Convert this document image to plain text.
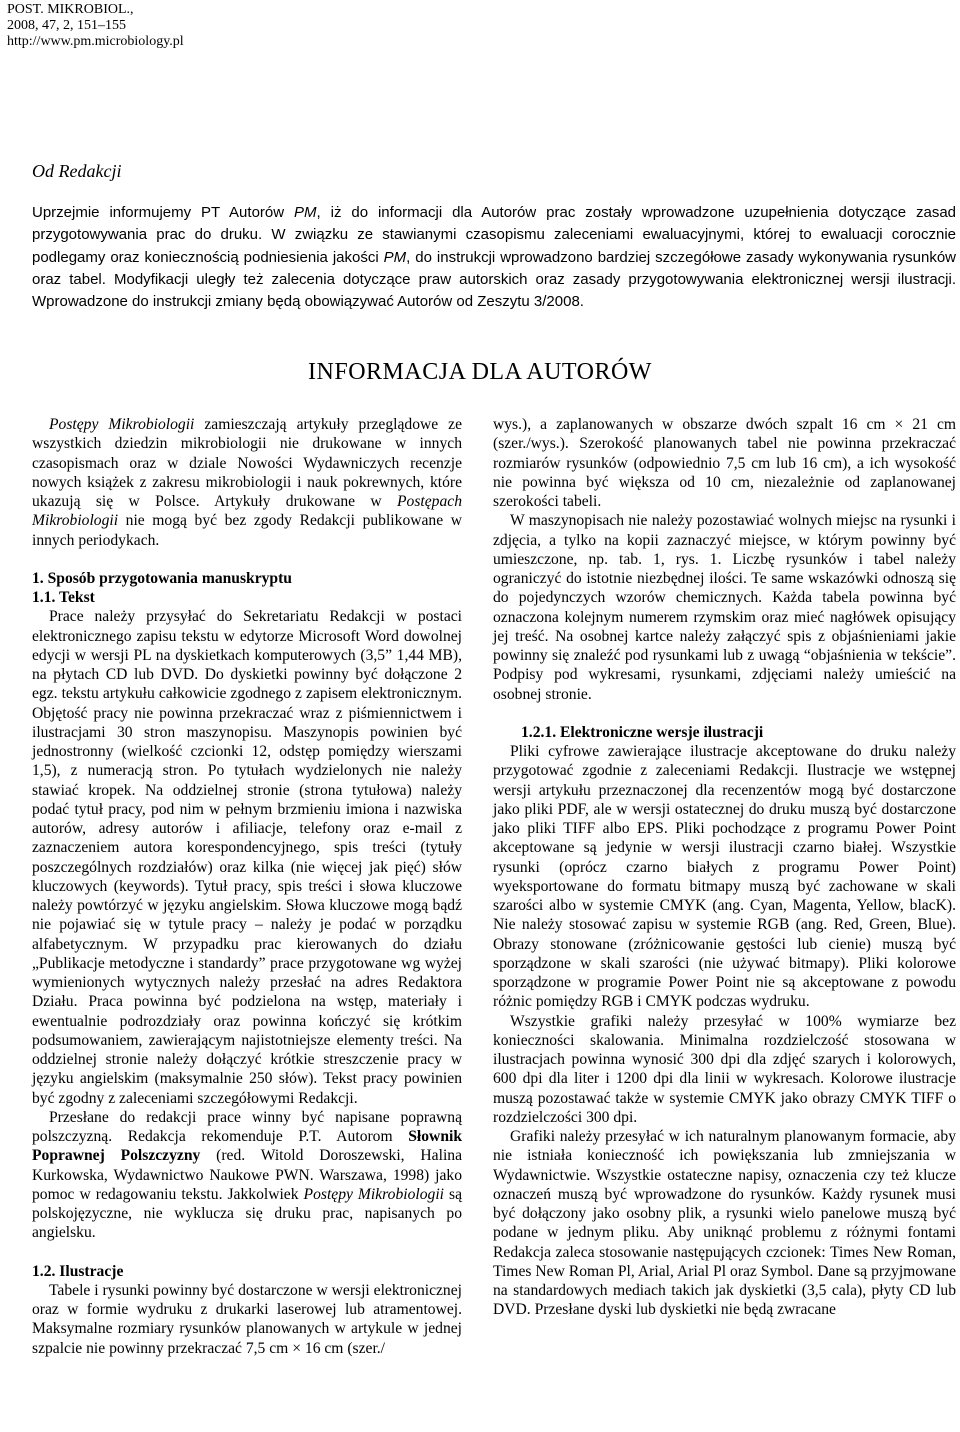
POST. MIKROBIOL.,
2008, 47, 2, 151–155
http://www.pm.microbiology.pl
Od Redakcji

Uprzejmie informujemy PT Autorów PM, iż do informacji dla Autorów prac zostały wprowadzone uzupełnienia dotyczące zasad przygotowywania prac do druku. W związku ze stawianymi czasopismu zaleceniami ewaluacyjnymi, której to ewaluacji corocznie podlegamy oraz koniecznością podniesienia jakości PM, do instrukcji wprowadzono bardziej szczegółowe zasady wykonywania rysunków oraz tabel. Modyfikacji uległy też zalecenia dotyczące praw autorskich oraz zasady przygotowywania elektronicznej wersji ilustracji. Wprowadzone do instrukcji zmiany będą obowiązywać Autorów od Zeszytu 3/2008.

INFORMACJA DLA AUTORÓW

Postępy Mikrobiologii zamieszczają artykuły przeglądowe ze wszystkich dziedzin mikrobiologii nie drukowane w innych czasopismach oraz w dziale Nowości Wydawniczych recenzje nowych książek z zakresu mikrobiologii i nauk pokrewnych, które ukazują się w Polsce. Artykuły drukowane w Postępach Mikrobiologii nie mogą być bez zgody Redakcji publikowane w innych periodykach.

1. Sposób przygotowania manuskryptu

1.1. Tekst

Prace należy przysyłać do Sekretariatu Redakcji w postaci elektronicznego zapisu tekstu w edytorze Microsoft Word dowolnej edycji w wersji PL na dyskietkach komputerowych (3,5” 1,44 MB), na płytach CD lub DVD. Do dyskietki powinny być dołączone 2 egz. tekstu artykułu całkowicie zgodnego z zapisem elektronicznym. Objętość pracy nie powinna przekraczać wraz z piśmiennictwem i ilustracjami 30 stron maszynopisu. Maszynopis powinien być jednostronny (wielkość czcionki 12, odstęp pomiędzy wierszami 1,5), z numeracją stron. Po tytułach wydzielonych nie należy stawiać kropek. Na oddzielnej stronie (strona tytułowa) należy podać tytuł pracy, pod nim w pełnym brzmieniu imiona i nazwiska autorów, adresy autorów i afiliacje, telefony oraz e-mail z zaznaczeniem autora korespondencyjnego, spis treści (tytuły poszczególnych rozdziałów) oraz kilka (nie więcej jak pięć) słów kluczowych (keywords). Tytuł pracy, spis treści i słowa kluczowe należy powtórzyć w języku angielskim. Słowa kluczowe mogą bądź nie pojawiać się w tytule pracy – należy je podać w porządku alfabetycznym. W przypadku prac kierowanych do działu „Publikacje metodyczne i standardy” prace przygotowane wg wyżej wymienionych wytycznych należy przesłać na adres Redaktora Działu. Praca powinna być podzielona na wstęp, materiały i ewentualnie podrozdziały oraz powinna kończyć się krótkim podsumowaniem, zawierającym najistotniejsze elementy treści. Na oddzielnej stronie należy dołączyć krótkie streszczenie pracy w języku angielskim (maksymalnie 250 słów). Tekst pracy powinien być zgodny z zaleceniami szczegółowymi Redakcji.

Przesłane do redakcji prace winny być napisane poprawną polszczyzną. Redakcja rekomenduje P.T. Autorom Słownik Poprawnej Polszczyzny (red. Witold Doroszewski, Halina Kurkowska, Wydawnictwo Naukowe PWN. Warszawa, 1998) jako pomoc w redagowaniu tekstu. Jakkolwiek Postępy Mikrobiologii są polskojęzyczne, nie wyklucza się druku prac, napisanych po angielsku.

1.2. Ilustracje

Tabele i rysunki powinny być dostarczone w wersji elektronicznej oraz w formie wydruku z drukarki laserowej lub atramentowej. Maksymalne rozmiary rysunków planowanych w artykule w jednej szpalcie nie powinny przekraczać 7,5 cm × 16 cm (szer./

wys.), a zaplanowanych w obszarze dwóch szpalt 16 cm × 21 cm (szer./wys.). Szerokość planowanych tabel nie powinna przekraczać rozmiarów rysunków (odpowiednio 7,5 cm lub 16 cm), a ich wysokość nie powinna być większa od 10 cm, niezależnie od zaplanowanej szerokości tabeli.

W maszynopisach nie należy pozostawiać wolnych miejsc na rysunki i zdjęcia, a tylko na kopii zaznaczyć miejsce, w którym powinny być umieszczone, np. tab. 1, rys. 1. Liczbę rysunków i tabel należy ograniczyć do istotnie niezbędnej ilości. Te same wskazówki odnoszą się do pojedynczych wzorów chemicznych. Każda tabela powinna być oznaczona kolejnym numerem rzymskim oraz mieć nagłówek opisujący jej treść. Na osobnej kartce należy załączyć spis z objaśnieniami jakie powinny się znaleźć pod rysunkami lub z uwagą “objaśnienia w tekście”. Podpisy pod wykresami, rysunkami, zdjęciami należy umieścić na osobnej stronie.

1.2.1. Elektroniczne wersje ilustracji

Pliki cyfrowe zawierające ilustracje akceptowane do druku należy przygotować zgodnie z zaleceniami Redakcji. Ilustracje we wstępnej wersji artykułu przeznaczonej dla recenzentów mogą być dostarczone jako pliki PDF, ale w wersji ostatecznej do druku muszą być dostarczone jako pliki TIFF albo EPS. Pliki pochodzące z programu Power Point akceptowane są jedynie w wersji ilustracji czarno białej. Wszystkie rysunki (oprócz czarno białych z programu Power Point) wyeksportowane do formatu bitmapy muszą być zachowane w skali szarości albo w systemie CMYK (ang. Cyan, Magenta, Yellow, blacK). Nie należy stosować zapisu w systemie RGB (ang. Red, Green, Blue). Obrazy stonowane (zróżnicowanie gęstości lub cienie) muszą być sporządzone w skali szarości (nie używać bitmapy). Pliki kolorowe sporządzone w programie Power Point nie są akceptowane z powodu różnic pomiędzy RGB i CMYK podczas wydruku.

Wszystkie grafiki należy przesyłać w 100% wymiarze bez konieczności skalowania. Minimalna rozdzielczość stosowana w ilustracjach powinna wynosić 300 dpi dla zdjęć szarych i kolorowych, 600 dpi dla liter i 1200 dpi dla linii w wykresach. Kolorowe ilustracje muszą pozostawać także w systemie CMYK jako obrazy CMYK TIFF o rozdzielczości 300 dpi.

Grafiki należy przesyłać w ich naturalnym planowanym formacie, aby nie istniała konieczność ich powiększania lub zmniejszania w Wydawnictwie. Wszystkie ostateczne napisy, oznaczenia czy też klucze oznaczeń muszą być wprowadzone do rysunków. Każdy rysunek musi być dołączony jako osobny plik, a rysunki wielo panelowe muszą być podane w jednym pliku. Aby uniknąć problemu z różnymi fontami Redakcja zaleca stosowanie następujących czcionek: Times New Roman, Times New Roman Pl, Arial, Arial Pl oraz Symbol. Dane są przyjmowane na standardowych mediach takich jak dyskietki (3,5 cala), płyty CD lub DVD. Przesłane dyski lub dyskietki nie będą zwracane
